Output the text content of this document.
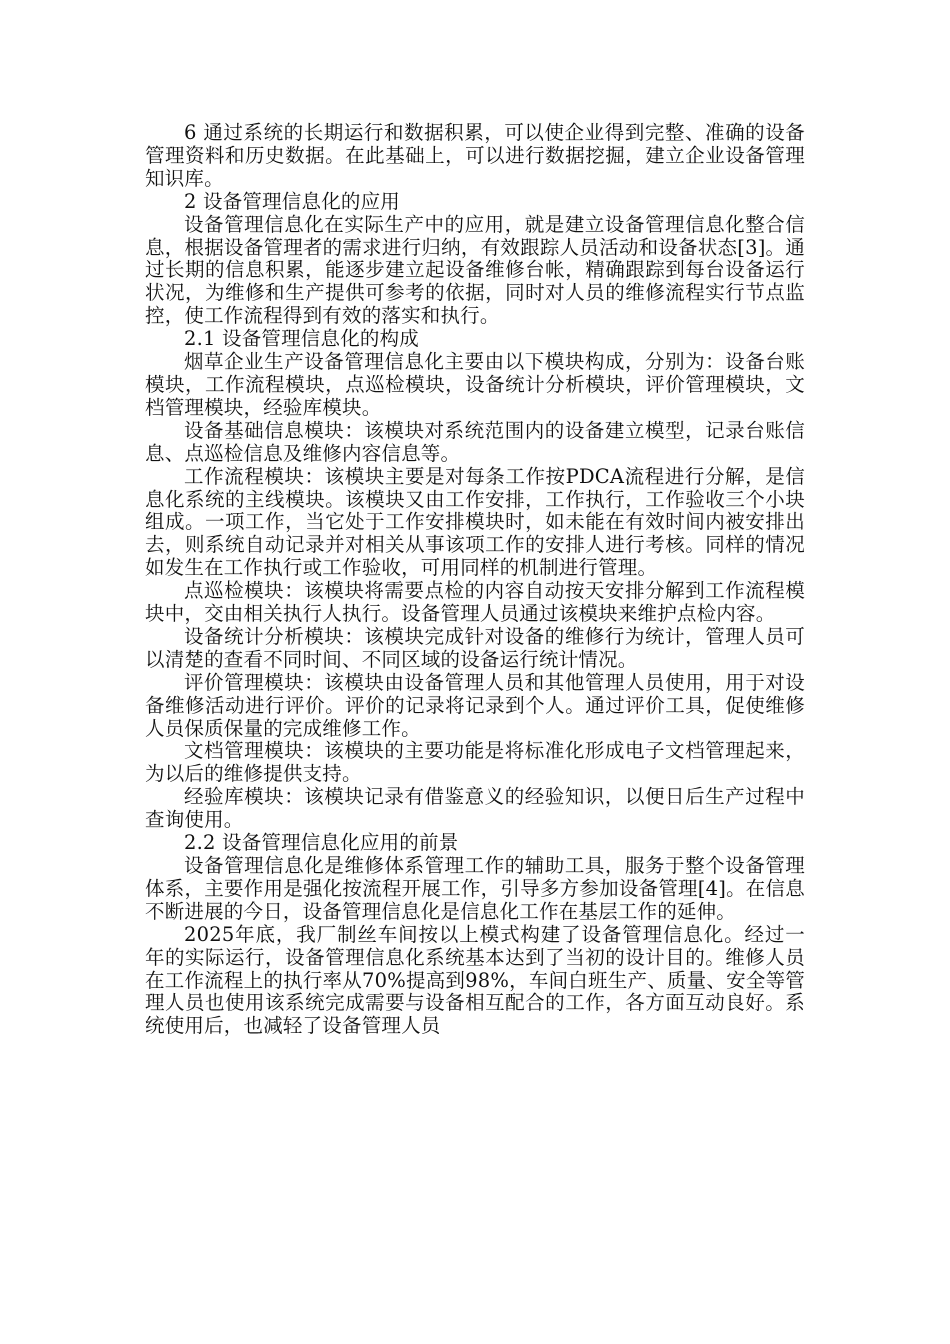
6 通过系统的长期运行和数据积累，可以使企业得到完整、准确的设备管理资料和历史数据。在此基础上，可以进行数据挖掘，建立企业设备管理知识库。

2 设备管理信息化的应用

设备管理信息化在实际生产中的应用，就是建立设备管理信息化整合信息，根据设备管理者的需求进行归纳，有效跟踪人员活动和设备状态[3]。通过长期的信息积累，能逐步建立起设备维修台帐，精确跟踪到每台设备运行状况，为维修和生产提供可参考的依据，同时对人员的维修流程实行节点监控，使工作流程得到有效的落实和执行。

2.1 设备管理信息化的构成

烟草企业生产设备管理信息化主要由以下模块构成，分别为：设备台账模块，工作流程模块，点巡检模块，设备统计分析模块，评价管理模块，文档管理模块，经验库模块。

设备基础信息模块：该模块对系统范围内的设备建立模型，记录台账信息、点巡检信息及维修内容信息等。

工作流程模块：该模块主要是对每条工作按PDCA流程进行分解，是信息化系统的主线模块。该模块又由工作安排，工作执行，工作验收三个小块组成。一项工作，当它处于工作安排模块时，如未能在有效时间内被安排出去，则系统自动记录并对相关从事该项工作的安排人进行考核。同样的情况如发生在工作执行或工作验收，可用同样的机制进行管理。

点巡检模块：该模块将需要点检的内容自动按天安排分解到工作流程模块中，交由相关执行人执行。设备管理人员通过该模块来维护点检内容。

设备统计分析模块：该模块完成针对设备的维修行为统计，管理人员可以清楚的查看不同时间、不同区域的设备运行统计情况。

评价管理模块：该模块由设备管理人员和其他管理人员使用，用于对设备维修活动进行评价。评价的记录将记录到个人。通过评价工具，促使维修人员保质保量的完成维修工作。

文档管理模块：该模块的主要功能是将标准化形成电子文档管理起来，为以后的维修提供支持。

经验库模块：该模块记录有借鉴意义的经验知识，以便日后生产过程中查询使用。

2.2 设备管理信息化应用的前景

设备管理信息化是维修体系管理工作的辅助工具，服务于整个设备管理体系，主要作用是强化按流程开展工作，引导多方参加设备管理[4]。在信息不断进展的今日，设备管理信息化是信息化工作在基层工作的延伸。

2025年底，我厂制丝车间按以上模式构建了设备管理信息化。经过一年的实际运行，设备管理信息化系统基本达到了当初的设计目的。维修人员在工作流程上的执行率从70%提高到98%，车间白班生产、质量、安全等管理人员也使用该系统完成需要与设备相互配合的工作，各方面互动良好。系统使用后，也减轻了设备管理人员
